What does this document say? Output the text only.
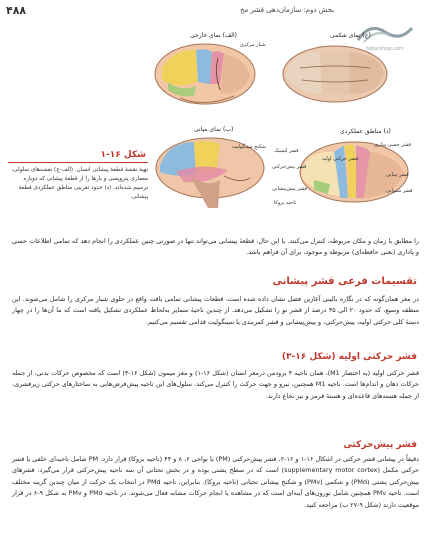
۴۸۸	بخش دوم: سازمان‌دهی قشر مخ
tabarshop.com
(الف) نمای خارجی
شیار مرکزی
(ج) نمای شکمی
(ب) نمای میانی
شکنج سینگولیت
(د) مناطق عملکردی
قشر حرکتی اولیه
قشر حسی پیکری
قشر پیش‌حرکتی
قشر پیش‌پیشانی
قشر بینایی
قشر شنوایی
ناحیه بروکا
قشر لیمبیک
شکل ۱۶-۱
نهیهٔ نقشهٔ قطعهٔ پیشانی انسان. (الف-ج) نقشه‌های سلولی، معماری پتروپسی و بارها را از قطعهٔ پیشانی که دوباره ترسیم شده‌اند. (د) حدود تقریبی مناطق عملکردی قطعهٔ پیشانی.
را مطابق با زمان و مکان مربوطه، کنترل می‌کنند. با این حال، قطعهٔ پیشانی می‌تواند تنها در صورتی چنین عملکردی را انجام دهد که تمامی اطلاعات حسی و پاداری (بعنی حافظه‌ای) مربوطه و موجود، برای آن فراهم باشد.
تقسیمات فرعی قشر پیشانی
در مغز همان‌گونه که در نگاره بالینی آغازین فصل نشان داده شده است، قطعات پیشانی تمامی بافت واقع در جلوی شیار مرکزی را شامل می‌شوند. این منطقه وسیع، که حدود ۲۰ الی ۳۵ درصد از قشر نو را تشکیل می‌دهد، از چندین ناحیهٔ متمایز به‌لحاظ عملکردی تشکیل یافته است که ما آن‌ها را در چهار دستهٔ کلی حرکتی اولیه، پیش‌حرکتی، و پیش‌پیشانی و قشر کمربندی یا سینگولیت قدامی تقسیم می‌کنیم.
قشر حرکتی اولیه (شکل ۱۶-۳)
قشر حرکتی اولیه (به اختصار M1)، همان ناحیه ۴ برودمن درمغز انسان (شکل ۱۶-۱) و مغز میمون (شکل ۱۶-۳) است که مخصوص حرکات بدنی، از جمله حرکات دهان و اندام‌ها است. ناحیه M1 همچنین، نیرو و جهت حرکت را کنترل می‌کند. سلول‌های این ناحیه پیش‌فرض‌هایی به ساختارهای حرکتی زیرقشری، از جمله هسته‌های قاعده‌ای و هستهٔ قرمز و نیز نخاع دارند.
قشر پیش‌حرکتی
دقیقاً در پیشانی قشر حرکتی در اشکال ۱۶-۱ و ۱۶-۲، قشر پیش‌حرکتی (PM) با نواحی ۶، ۸ و ۴۴ (ناحیه بروکا) قرار دارد. PM شامل ناحیه‌ای خلفی یا قشر حرکتی مکمل (supplementary motor cortex) است که در سطح پشتی بوده و در بخش تحتانی آن سه ناحیه پیش‌حرکتی قرار می‌گیرد. قشرهای پیش‌حرکتی پشتی (PMd) و شکمی (PMv) و شکنج پیشانی تحتانی (ناحیه بروکا). بنابراین، ناحیه PMd در انتخاب یک حرکت از میان چندین گزینه مختلف است. ناحیه PMv همچنین شامل نورون‌های آینه‌ای است که در مشاهده یا انجام حرکات مشابه فعال می‌شوند. در ناحیه PMd و PMv به شکل ۹-۶ در قرار موقعیت دارند (شکل ۹-۲۷ ب) مراجعه کنید.
